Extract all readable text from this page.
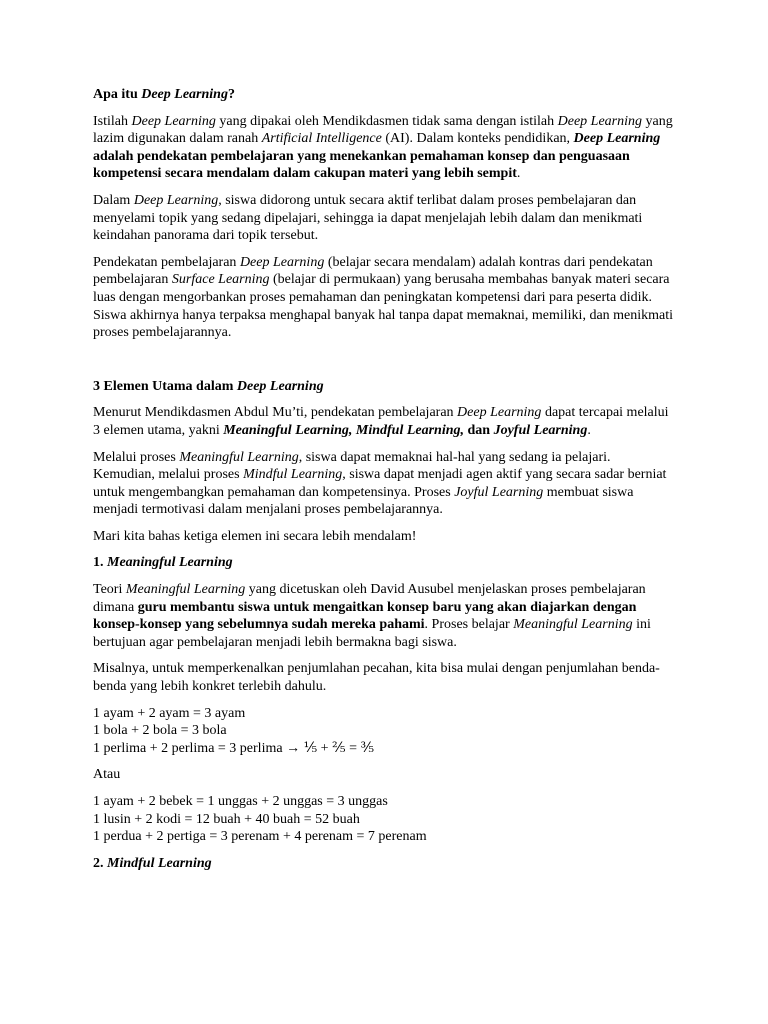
Apa itu Deep Learning?

Istilah Deep Learning yang dipakai oleh Mendikdasmen tidak sama dengan istilah Deep Learning yang lazim digunakan dalam ranah Artificial Intelligence (AI). Dalam konteks pendidikan, Deep Learning adalah pendekatan pembelajaran yang menekankan pemahaman konsep dan penguasaan kompetensi secara mendalam dalam cakupan materi yang lebih sempit.

Dalam Deep Learning, siswa didorong untuk secara aktif terlibat dalam proses pembelajaran dan menyelami topik yang sedang dipelajari, sehingga ia dapat menjelajah lebih dalam dan menikmati keindahan panorama dari topik tersebut.

Pendekatan pembelajaran Deep Learning (belajar secara mendalam) adalah kontras dari pendekatan pembelajaran Surface Learning (belajar di permukaan) yang berusaha membahas banyak materi secara luas dengan mengorbankan proses pemahaman dan peningkatan kompetensi dari para peserta didik. Siswa akhirnya hanya terpaksa menghapal banyak hal tanpa dapat memaknai, memiliki, dan menikmati proses pembelajarannya.

3 Elemen Utama dalam Deep Learning

Menurut Mendikdasmen Abdul Mu’ti, pendekatan pembelajaran Deep Learning dapat tercapai melalui 3 elemen utama, yakni Meaningful Learning, Mindful Learning, dan Joyful Learning.

Melalui proses Meaningful Learning, siswa dapat memaknai hal-hal yang sedang ia pelajari. Kemudian, melalui proses Mindful Learning, siswa dapat menjadi agen aktif yang secara sadar berniat untuk mengembangkan pemahaman dan kompetensinya. Proses Joyful Learning membuat siswa menjadi termotivasi dalam menjalani proses pembelajarannya.

Mari kita bahas ketiga elemen ini secara lebih mendalam!

1. Meaningful Learning

Teori Meaningful Learning yang dicetuskan oleh David Ausubel menjelaskan proses pembelajaran dimana guru membantu siswa untuk mengaitkan konsep baru yang akan diajarkan dengan konsep-konsep yang sebelumnya sudah mereka pahami. Proses belajar Meaningful Learning ini bertujuan agar pembelajaran menjadi lebih bermakna bagi siswa.

Misalnya, untuk memperkenalkan penjumlahan pecahan, kita bisa mulai dengan penjumlahan benda-benda yang lebih konkret terlebih dahulu.

1 ayam + 2 ayam = 3 ayam
1 bola + 2 bola = 3 bola
1 perlima + 2 perlima = 3 perlima → ⅕ + ⅖ = ⅗

Atau

1 ayam + 2 bebek = 1 unggas + 2 unggas = 3 unggas
1 lusin + 2 kodi = 12 buah + 40 buah = 52 buah
1 perdua + 2 pertiga = 3 perenam + 4 perenam = 7 perenam
2. Mindful Learning
